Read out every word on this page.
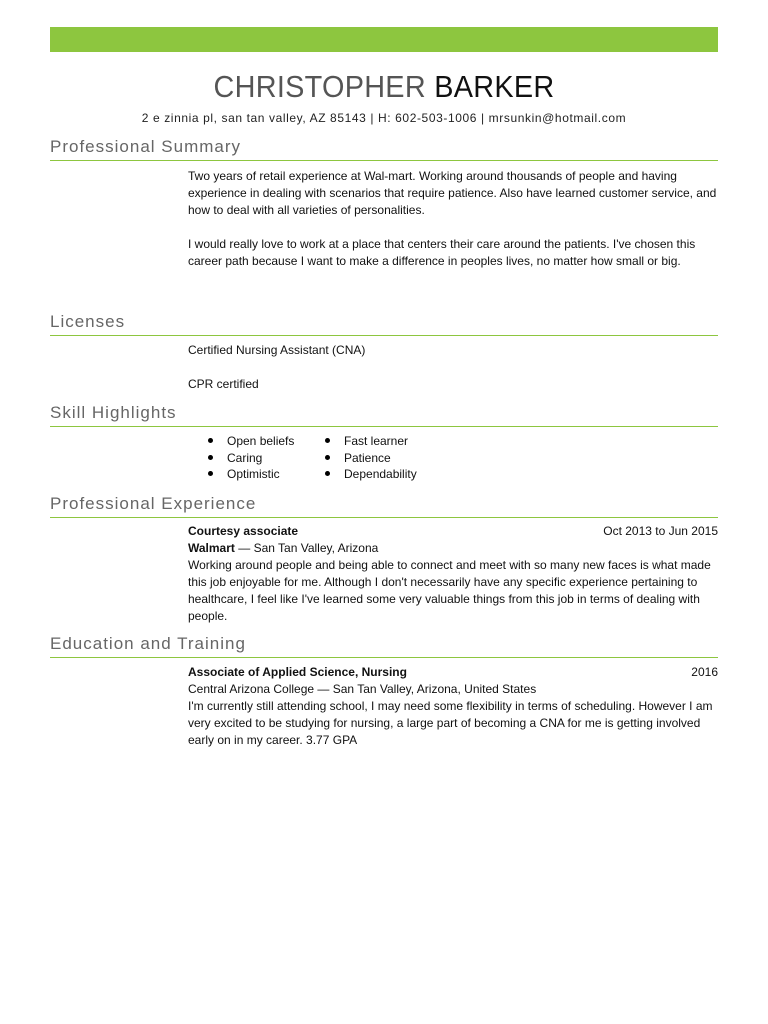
CHRISTOPHER BARKER
2 e zinnia pl, san tan valley, AZ 85143 | H: 602-503-1006 | mrsunkin@hotmail.com
Professional Summary

Two years of retail experience at Wal-mart. Working around thousands of people and having experience in dealing with scenarios that require patience. Also have learned customer service, and how to deal with all varieties of personalities.

I would really love to work at a place that centers their care around the patients. I've chosen this career path because I want to make a difference in peoples lives, no matter how small or big.

Licenses

Certified Nursing Assistant (CNA)

CPR certified

Skill Highlights
Open beliefs
Caring
Optimistic
Fast learner
Patience
Dependability
Professional Experience
Courtesy associate	Oct 2013 to Jun 2015

Walmart — San Tan Valley, Arizona

Working around people and being able to connect and meet with so many new faces is what made this job enjoyable for me. Although I don't necessarily have any specific experience pertaining to healthcare, I feel like I've learned some very valuable things from this job in terms of dealing with people.

Education and Training
Associate of Applied Science, Nursing	2016

Central Arizona College — San Tan Valley, Arizona, United States

I'm currently still attending school, I may need some flexibility in terms of scheduling. However I am very excited to be studying for nursing, a large part of becoming a CNA for me is getting involved early on in my career. 3.77 GPA
